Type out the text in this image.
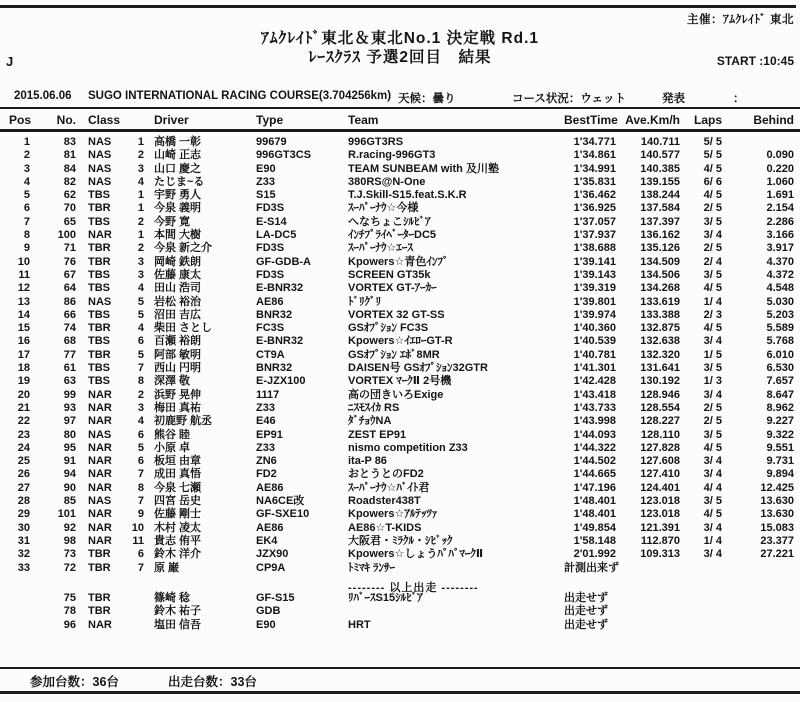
主催：ｱﾑｸﾚｲﾄﾞ 東北
ｱﾑｸﾚｲﾄﾞ東北＆東北No.1 決定戦 Rd.1
ﾚｰｽｸﾗｽ 予選2回目　結果
J	START :10:45
2015.06.06 SUGO INTERNATIONAL RACING COURSE(3.704256km) 天候：曇り	コース状況：ウェット	発表	：
Pos	No.	Class	Driver	Type	Team	BestTime Ave.Km/h	Laps	Behind
1	83	NAS	1 高橋 一彰	99679	996GT3RS	1'34.771	140.711	5/ 5
2	81	NAS	2 山崎 正志	996GT3CS	R.racing-996GT3	1'34.861	140.577	5/ 5	0.090
3	84	NAS	3 山口 慶之	E90	TEAM SUNBEAM with 及川塾	1'34.991	140.385	4/ 5	0.220
4	82	NAS	4 たじま~る	Z33	380RS@N-One	1'35.831	139.155	6/ 6	1.060
5	62	TBS	1 宇野 勇人	S15	T.J.Skill-S15.feat.S.K.R	1'36.462	138.244	4/ 5	1.691
6	70	TBR	1 今泉 義明	FD3S	ｽｰﾊﾟｰﾅｳ☆今様	1'36.925	137.584	2/ 5	2.154
7	65	TBS	2 今野 寛	E-S14	へなちょこｼﾙﾋﾞｱ	1'37.057	137.397	3/ 5	2.286
8	100	NAR	1 本間 大樹	LA-DC5	ｲﾝﾁﾌﾟﾗｲﾍﾞｰﾀｰDC5	1'37.937	136.162	3/ 4	3.166
9	71	TBR	2 今泉 新之介	FD3S	ｽｰﾊﾟｰﾅｳ☆ｴｰｽ	1'38.688	135.126	2/ 5	3.917
10	76	TBR	3 岡崎 鉄朗	GF-GDB-A	Kpowers☆青色ｲﾝﾌﾟ	1'39.141	134.509	2/ 4	4.370
11	67	TBS	3 佐藤 康太	FD3S	SCREEN GT35k	1'39.143	134.506	3/ 5	4.372
12	64	TBS	4 田山 浩司	E-BNR32	VORTEX GT-ｱｰｶｰ	1'39.319	134.268	4/ 5	4.548
13	86	NAS	5 岩松 裕治	AE86	ﾄﾞﾘｸﾞﾘ	1'39.801	133.619	1/ 4	5.030
14	66	TBS	5 沼田 吉広	BNR32	VORTEX 32 GT-SS	1'39.974	133.388	2/ 3	5.203
15	74	TBR	4 柴田 さとし	FC3S	GSｵﾌﾟｼｮﾝ FC3S	1'40.360	132.875	4/ 5	5.589
16	68	TBS	6 百瀬 裕朗	E-BNR32	Kpowers☆ｲｴﾛｰGT-R	1'40.539	132.638	3/ 4	5.768
17	77	TBR	5 阿部 敏明	CT9A	GSｵﾌﾟｼｮﾝ ｴﾎﾞ8MR	1'40.781	132.320	1/ 5	6.010
18	61	TBS	7 西山 円明	BNR32	DAISEN号 GSｵﾌﾟｼｮﾝ32GTR	1'41.301	131.641	3/ 5	6.530
19	63	TBS	8 深澤 敬	E-JZX100	VORTEX ﾏｰｸⅡ 2号機	1'42.428	130.192	1/ 3	7.657
20	99	NAR	2 浜野 晃伸	1117	高の団きいろExige	1'43.418	128.946	3/ 4	8.647
21	93	NAR	3 梅田 真祐	Z33	ﾆｽﾓｽｲｶ RS	1'43.733	128.554	2/ 5	8.962
22	97	NAR	4 初鹿野 航丞	E46	ﾀﾞﾁｮｳNA	1'43.998	128.227	2/ 5	9.227
23	80	NAS	6 熊谷 睦	EP91	ZEST EP91	1'44.093	128.110	3/ 5	9.322
24	95	NAR	5 小原 卓	Z33	nismo competition Z33	1'44.322	127.828	4/ 5	9.551
25	91	NAR	6 板垣 由章	ZN6	ita-P 86	1'44.502	127.608	3/ 4	9.731
26	94	NAR	7 成田 真悟	FD2	おとうとのFD2	1'44.665	127.410	3/ 4	9.894
27	90	NAR	8 今泉 七瀬	AE86	ｽｰﾊﾟｰﾅｳ☆ﾊﾞｲﾄ君	1'47.196	124.401	4/ 4	12.425
28	85	NAS	7 四宮 岳史	NA6CE改	Roadster438T	1'48.401	123.018	3/ 5	13.630
29	101	NAR	9 佐藤 剛士	GF-SXE10	Kpowers☆ｱﾙﾃｯﾂｧ	1'48.401	123.018	4/ 5	13.630
30	92	NAR	10 木村 凌太	AE86	AE86☆T-KIDS	1'49.854	121.391	3/ 4	15.083
31	98	NAR	11 貴志 侑平	EK4	大阪君・ﾐﾗｸﾙ・ｼﾋﾞｯｸ	1'58.148	112.870	1/ 4	23.377
32	73	TBR	6 鈴木 洋介	JZX90	Kpowers☆しょうﾊﾟﾊﾟﾏｰｸⅡ	2'01.992	109.313	3/ 4	27.221
33	72	TBR	7 原 巌	CP9A	ﾄﾐﾏｷ ﾗﾝｻｰ	計測出来ず
-------- 以上出走 --------
75	TBR	篠崎 稔	GF-S15	ﾘﾊﾞｰｽS15ｼﾙﾋﾞｱ	出走せず
78	TBR	鈴木 祐子	GDB	出走せず
96	NAR	塩田 信吾	E90	HRT	出走せず
参加台数：36台	出走台数：33台
